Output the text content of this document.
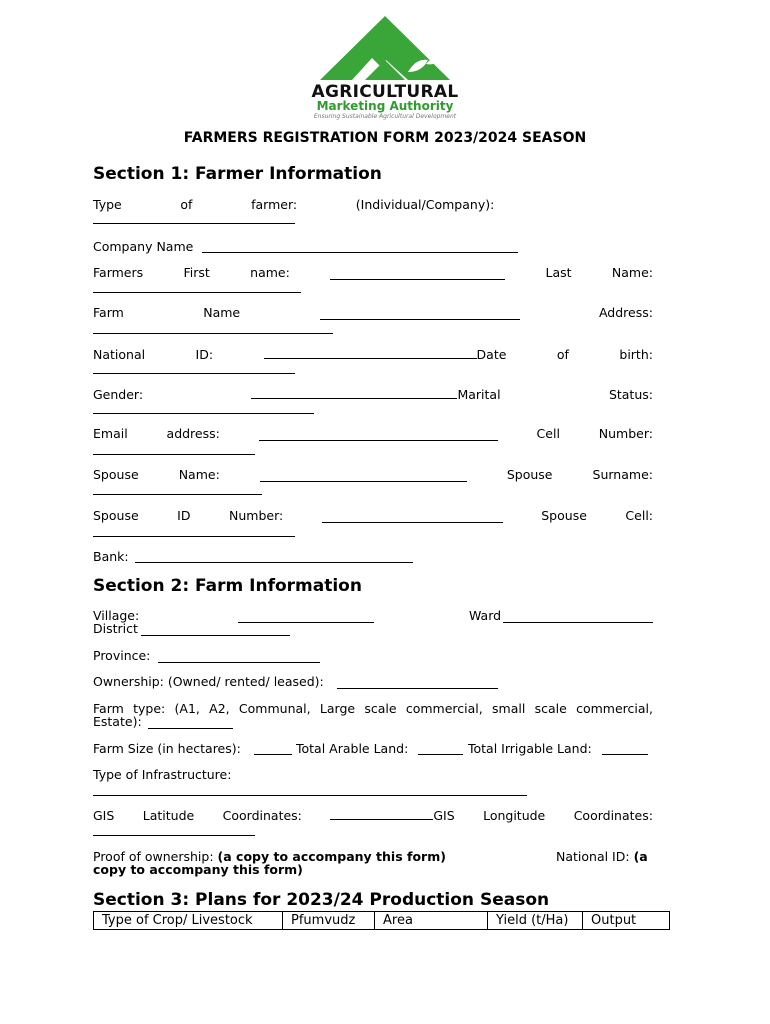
AGRICULTURAL
Marketing Authority
Ensuring Sustainable Agricultural Development
FARMERS REGISTRATION FORM 2023/2024 SEASON
Section 1: Farmer Information
Type	of	farmer:	(Individual/Company):
Company Name
Farmers	First	name:	Last	Name:
Farm	Name	Address:
National	ID:	Date	of	birth:
Gender:	Marital	Status:
Email	address:	Cell	Number:
Spouse	Name:	Spouse	Surname:
Spouse	ID	Number:	Spouse	Cell:
Bank:
Section 2: Farm Information
Village:	Ward
District
Province:
Ownership: (Owned/ rented/ leased):
Farm type: (A1, A2, Communal, Large scale commercial, small scale commercial,
Estate):
Farm Size (in hectares):	Total Arable Land:	Total Irrigable Land:
Type of Infrastructure:
GIS Latitude Coordinates:	GIS Longitude Coordinates:
Proof of ownership: (a copy to accompany this form)	National ID: (a
copy to accompany this form)
Section 3: Plans for 2023/24 Production Season
Type of Crop/ Livestock	Pfumvudz	Area	Yield (t/Ha)	Output
